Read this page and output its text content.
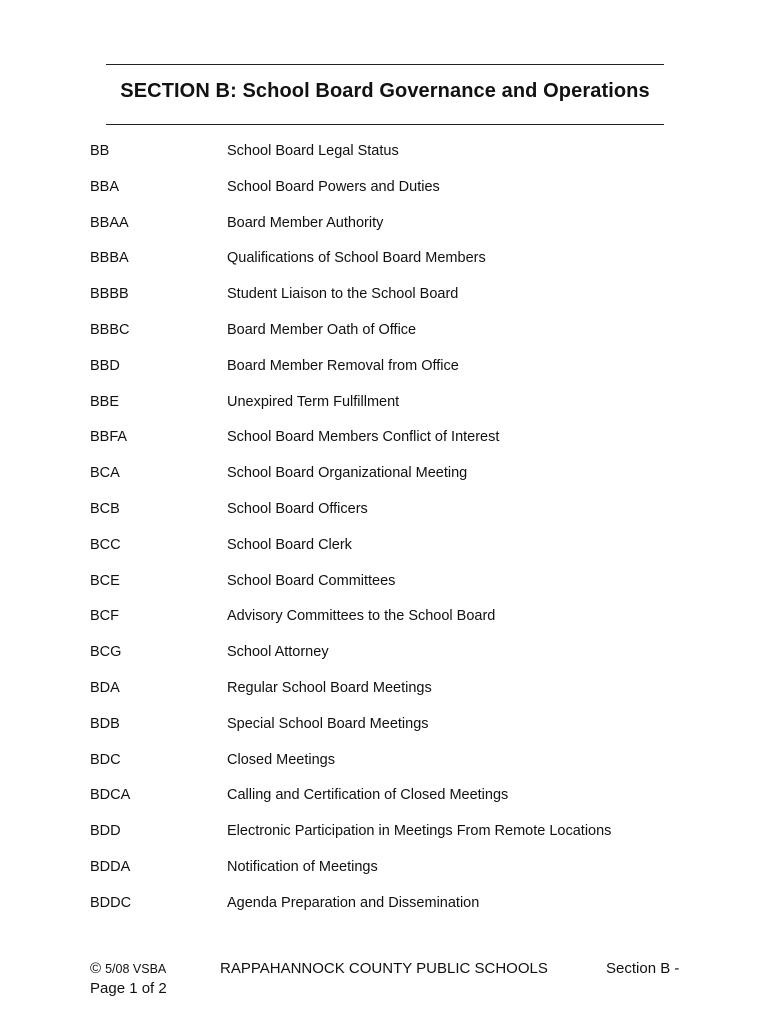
SECTION B: School Board Governance and Operations
BB	School Board Legal Status
BBA	School Board Powers and Duties
BBAA	Board Member Authority
BBBA	Qualifications of School Board Members
BBBB	Student Liaison to the School Board
BBBC	Board Member Oath of Office
BBD	Board Member Removal from Office
BBE	Unexpired Term Fulfillment
BBFA	School Board Members Conflict of Interest
BCA	School Board Organizational Meeting
BCB	School Board Officers
BCC	School Board Clerk
BCE	School Board Committees
BCF	Advisory Committees to the School Board
BCG	School Attorney
BDA	Regular School Board Meetings
BDB	Special School Board Meetings
BDC	Closed Meetings
BDCA	Calling and Certification of Closed Meetings
BDD	Electronic Participation in Meetings From Remote Locations
BDDA	Notification of Meetings
BDDC	Agenda Preparation and Dissemination
© 5/08 VSBA
Page 1 of 2
RAPPAHANNOCK COUNTY PUBLIC SCHOOLS	Section B -
